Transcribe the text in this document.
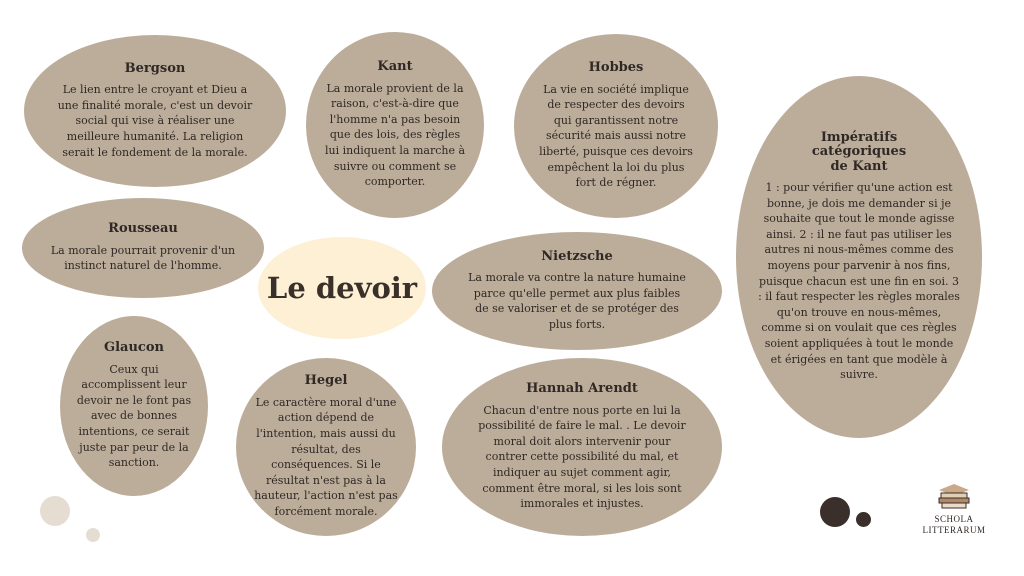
Bergson

Le lien entre le croyant et Dieu a une finalité morale, c'est un devoir social qui vise à réaliser une meilleure humanité. La religion serait le fondement de la morale.

Kant

La morale provient de la raison, c'est-à-dire que l'homme n'a pas besoin que des lois, des règles lui indiquent la marche à suivre ou comment se comporter.

Hobbes

La vie en société implique de respecter des devoirs qui garantissent notre sécurité mais aussi notre liberté, puisque ces devoirs empêchent la loi du plus fort de régner.

Rousseau

La morale pourrait provenir d'un instinct naturel de l'homme.

Le devoir
Nietzsche

La morale va contre la nature humaine parce qu'elle permet aux plus faibles de se valoriser et de se protéger des plus forts.

Glaucon

Ceux qui accomplissent leur devoir ne le font pas avec de bonnes intentions, ce serait juste par peur de la sanction.

Hegel

Le caractère moral d'une action dépend de l'intention, mais aussi du résultat, des conséquences. Si le résultat n'est pas à la hauteur, l'action n'est pas forcément morale.

Hannah Arendt

Chacun d'entre nous porte en lui la possibilité de faire le mal. . Le devoir moral doit alors intervenir pour contrer cette possibilité du mal, et indiquer au sujet comment agir, comment être moral, si les lois sont immorales et injustes.

Impératifs catégoriques de Kant

1 : pour vérifier qu'une action est bonne, je dois me demander si je souhaite que tout le monde agisse ainsi. 2 : il ne faut pas utiliser les autres ni nous-mêmes comme des moyens pour parvenir à nos fins, puisque chacun est une fin en soi. 3 : il faut respecter les règles morales qu'on trouve en nous-mêmes, comme si on voulait que ces règles soient appliquées à tout le monde et érigées en tant que modèle à suivre.

SCHOLA
LITTERARUM
